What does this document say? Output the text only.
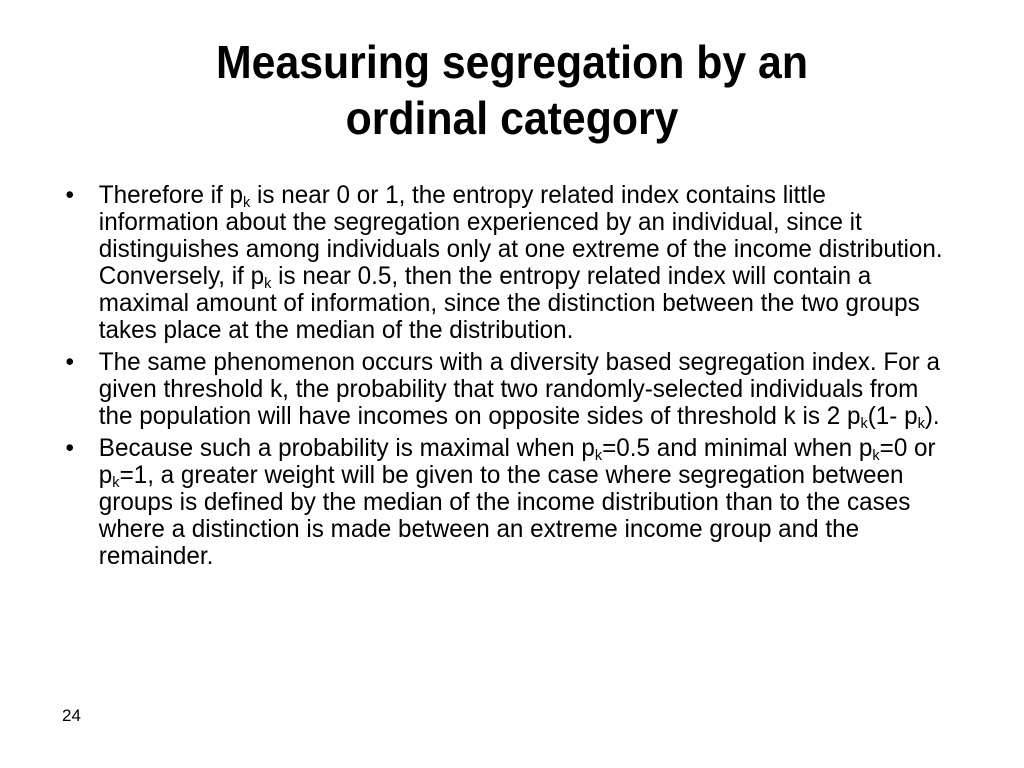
Measuring segregation by an
ordinal category
• Therefore if $p_k$ is near 0 or 1, the entropy related index contains little information about the segregation experienced by an individual, since it distinguishes among individuals only at one extreme of the income distribution. Conversely, if $p_k$ is near 0.5, then the entropy related index will contain a maximal amount of information, since the distinction between the two groups takes place at the median of the distribution.
• The same phenomenon occurs with a diversity based segregation index. For a given threshold k, the probability that two randomly-selected individuals from the population will have incomes on opposite sides of threshold k is 2 $p_k(1-$ $p_k$).
• Because such a probability is maximal when $p_k=0.5$ and minimal when $p_k=0$ or $p_k=1$, a greater weight will be given to the case where segregation between groups is defined by the median of the income distribution than to the cases where a distinction is made between an extreme income group and the remainder.
24
